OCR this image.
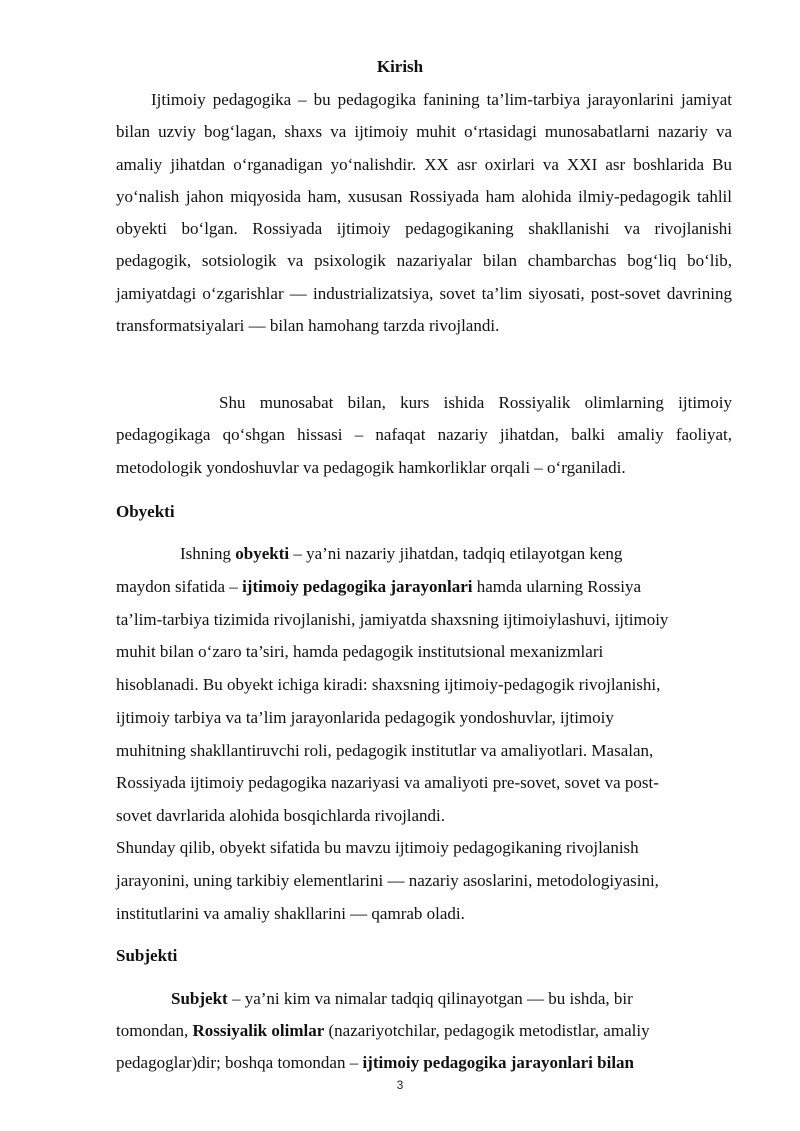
Kirish

Ijtimoiy pedagogika – bu pedagogika fanining ta’lim-tarbiya jarayonlarini jamiyat bilan uzviy bog‘lagan, shaxs va ijtimoiy muhit o‘rtasidagi munosabatlarni nazariy va amaliy jihatdan o‘rganadigan yo‘nalishdir. XX asr oxirlari va XXI asr boshlarida Bu yo‘nalish jahon miqyosida ham, xususan Rossiyada ham alohida ilmiy-pedagogik tahlil obyekti bo‘lgan. Rossiyada ijtimoiy pedagogikaning shakllanishi va rivojlanishi pedagogik, sotsiologik va psixologik nazariyalar bilan chambarchas bog‘liq bo‘lib, jamiyatdagi o‘zgarishlar — industrializatsiya, sovet ta’lim siyosati, post-sovet davrining transformatsiyalari — bilan hamohang tarzda rivojlandi.

Shu munosabat bilan, kurs ishida Rossiyalik olimlarning ijtimoiy pedagogikaga qo‘shgan hissasi – nafaqat nazariy jihatdan, balki amaliy faoliyat, metodologik yondoshuvlar va pedagogik hamkorliklar orqali – o‘rganiladi.

Obyekti

Ishning obyekti – ya’ni nazariy jihatdan, tadqiq etilayotgan keng

maydon sifatida – ijtimoiy pedagogika jarayonlari hamda ularning Rossiya

ta’lim-tarbiya tizimida rivojlanishi, jamiyatda shaxsning ijtimoiylashuvi, ijtimoiy

muhit bilan o‘zaro ta’siri, hamda pedagogik institutsional mexanizmlari

hisoblanadi. Bu obyekt ichiga kiradi: shaxsning ijtimoiy-pedagogik rivojlanishi,

ijtimoiy tarbiya va ta’lim jarayonlarida pedagogik yondoshuvlar, ijtimoiy

muhitning shakllantiruvchi roli, pedagogik institutlar va amaliyotlari. Masalan,

Rossiyada ijtimoiy pedagogika nazariyasi va amaliyoti pre-sovet, sovet va post-

sovet davrlarida alohida bosqichlarda rivojlandi.

Shunday qilib, obyekt sifatida bu mavzu ijtimoiy pedagogikaning rivojlanish

jarayonini, uning tarkibiy elementlarini — nazariy asoslarini, metodologiyasini,

institutlarini va amaliy shakllarini — qamrab oladi.

Subjekti

Subjekt – ya’ni kim va nimalar tadqiq qilinayotgan — bu ishda, bir

tomondan, Rossiyalik olimlar (nazariyotchilar, pedagogik metodistlar, amaliy

pedagoglar)dir; boshqa tomondan – ijtimoiy pedagogika jarayonlari bilan

3
